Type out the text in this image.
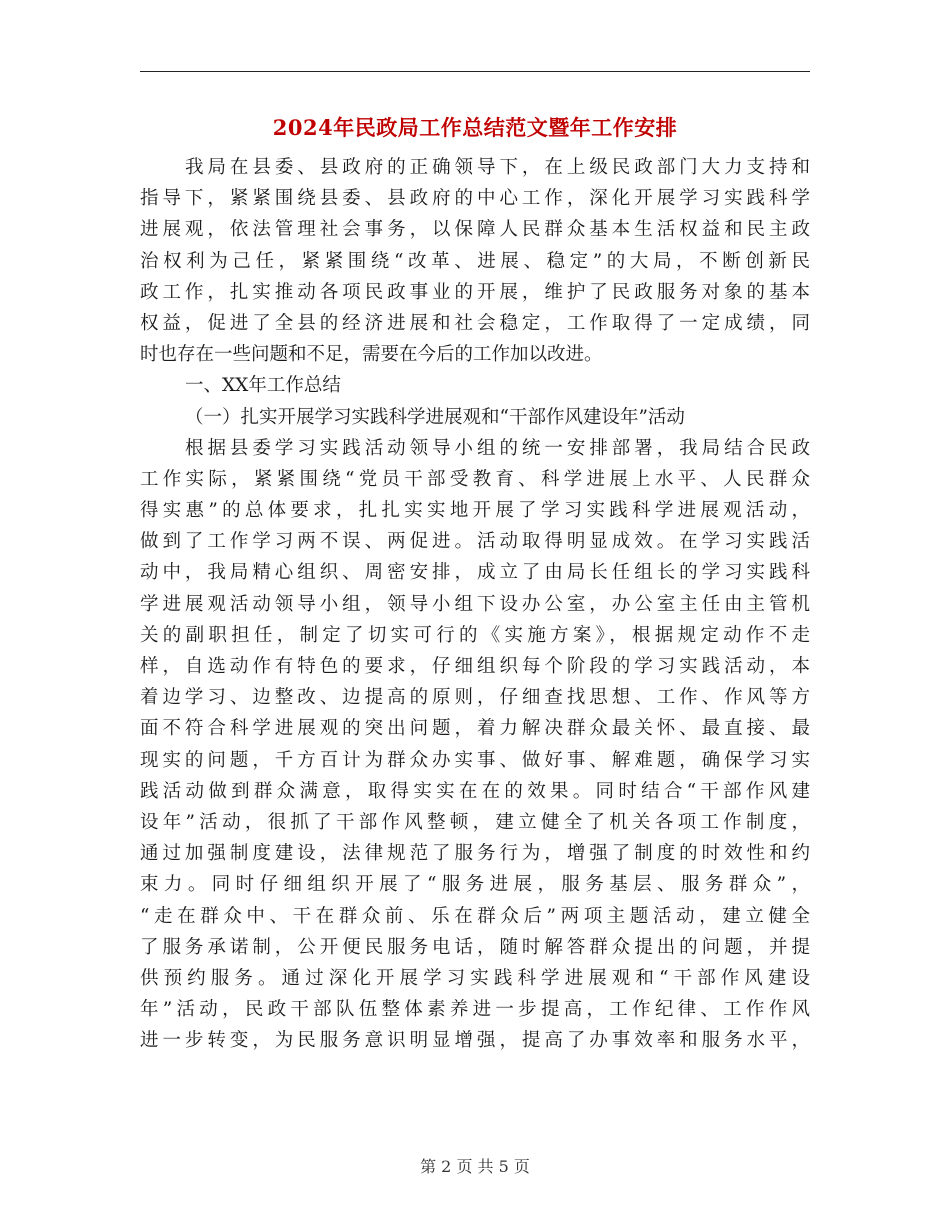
2024年民政局工作总结范文暨年工作安排
我局在县委、县政府的正确领导下，在上级民政部门大力支持和
指导下，紧紧围绕县委、县政府的中心工作，深化开展学习实践科学
进展观，依法管理社会事务，以保障人民群众基本生活权益和民主政
治权利为己任，紧紧围绕“改革、进展、稳定”的大局，不断创新民
政工作，扎实推动各项民政事业的开展，维护了民政服务对象的基本
权益，促进了全县的经济进展和社会稳定，工作取得了一定成绩，同
时也存在一些问题和不足，需要在今后的工作加以改进。
一、XX年工作总结
（一）扎实开展学习实践科学进展观和“干部作风建设年”活动
根据县委学习实践活动领导小组的统一安排部署，我局结合民政
工作实际，紧紧围绕“党员干部受教育、科学进展上水平、人民群众
得实惠”的总体要求，扎扎实实地开展了学习实践科学进展观活动，
做到了工作学习两不误、两促进。活动取得明显成效。在学习实践活
动中，我局精心组织、周密安排，成立了由局长任组长的学习实践科
学进展观活动领导小组，领导小组下设办公室，办公室主任由主管机
关的副职担任，制定了切实可行的《实施方案》，根据规定动作不走
样，自选动作有特色的要求，仔细组织每个阶段的学习实践活动，本
着边学习、边整改、边提高的原则，仔细查找思想、工作、作风等方
面不符合科学进展观的突出问题，着力解决群众最关怀、最直接、最
现实的问题，千方百计为群众办实事、做好事、解难题，确保学习实
践活动做到群众满意，取得实实在在的效果。同时结合“干部作风建
设年”活动，很抓了干部作风整顿，建立健全了机关各项工作制度，
通过加强制度建设，法律规范了服务行为，增强了制度的时效性和约
束力。同时仔细组织开展了“服务进展，服务基层、服务群众”，
“走在群众中、干在群众前、乐在群众后”两项主题活动，建立健全
了服务承诺制，公开便民服务电话，随时解答群众提出的问题，并提
供预约服务。通过深化开展学习实践科学进展观和“干部作风建设
年”活动，民政干部队伍整体素养进一步提高，工作纪律、工作作风
进一步转变，为民服务意识明显增强，提高了办事效率和服务水平，
第 2 页 共 5 页
